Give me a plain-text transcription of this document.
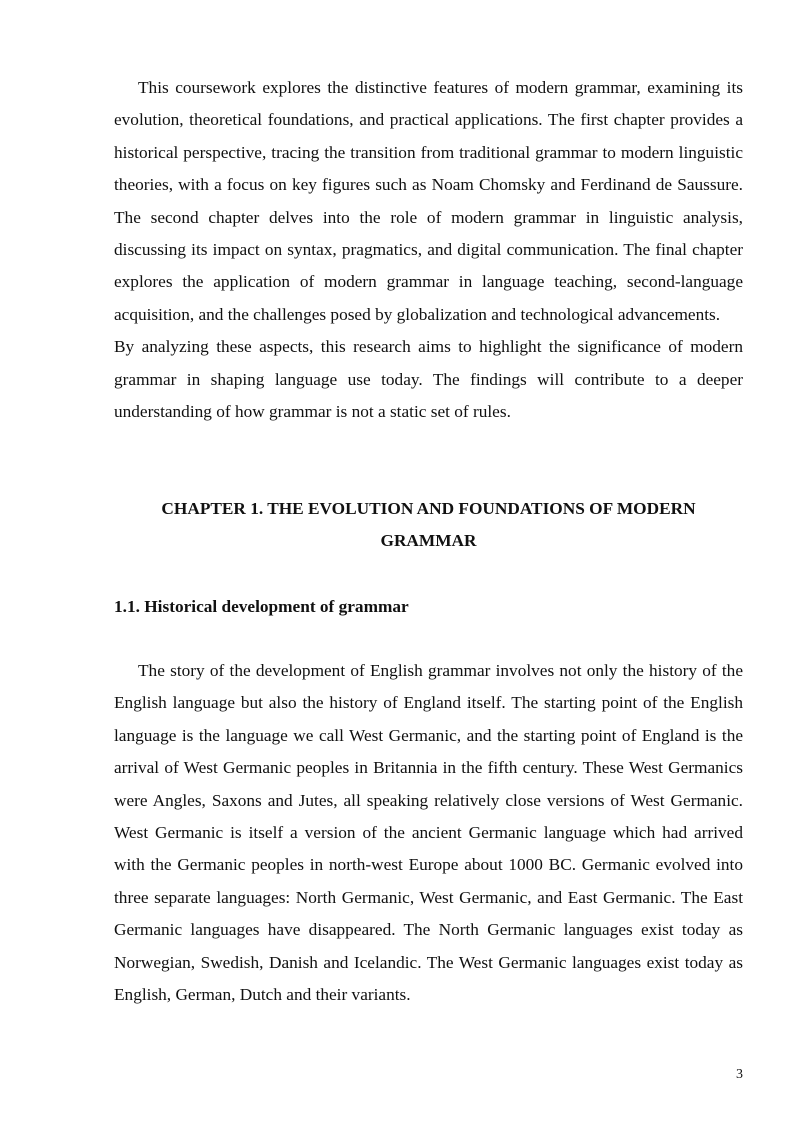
This coursework explores the distinctive features of modern grammar, examining its evolution, theoretical foundations, and practical applications. The first chapter provides a historical perspective, tracing the transition from traditional grammar to modern linguistic theories, with a focus on key figures such as Noam Chomsky and Ferdinand de Saussure. The second chapter delves into the role of modern grammar in linguistic analysis, discussing its impact on syntax, pragmatics, and digital communication. The final chapter explores the application of modern grammar in language teaching, second-language acquisition, and the challenges posed by globalization and technological advancements.

By analyzing these aspects, this research aims to highlight the significance of modern grammar in shaping language use today. The findings will contribute to a deeper understanding of how grammar is not a static set of rules.

CHAPTER 1. THE EVOLUTION AND FOUNDATIONS OF MODERN GRAMMAR
1.1. Historical development of grammar

The story of the development of English grammar involves not only the history of the English language but also the history of England itself. The starting point of the English language is the language we call West Germanic, and the starting point of England is the arrival of West Germanic peoples in Britannia in the fifth century. These West Germanics were Angles, Saxons and Jutes, all speaking relatively close versions of West Germanic. West Germanic is itself a version of the ancient Germanic language which had arrived with the Germanic peoples in north-west Europe about 1000 BC. Germanic evolved into three separate languages: North Germanic, West Germanic, and East Germanic. The East Germanic languages have disappeared. The North Germanic languages exist today as Norwegian, Swedish, Danish and Icelandic. The West Germanic languages exist today as English, German, Dutch and their variants.

3
